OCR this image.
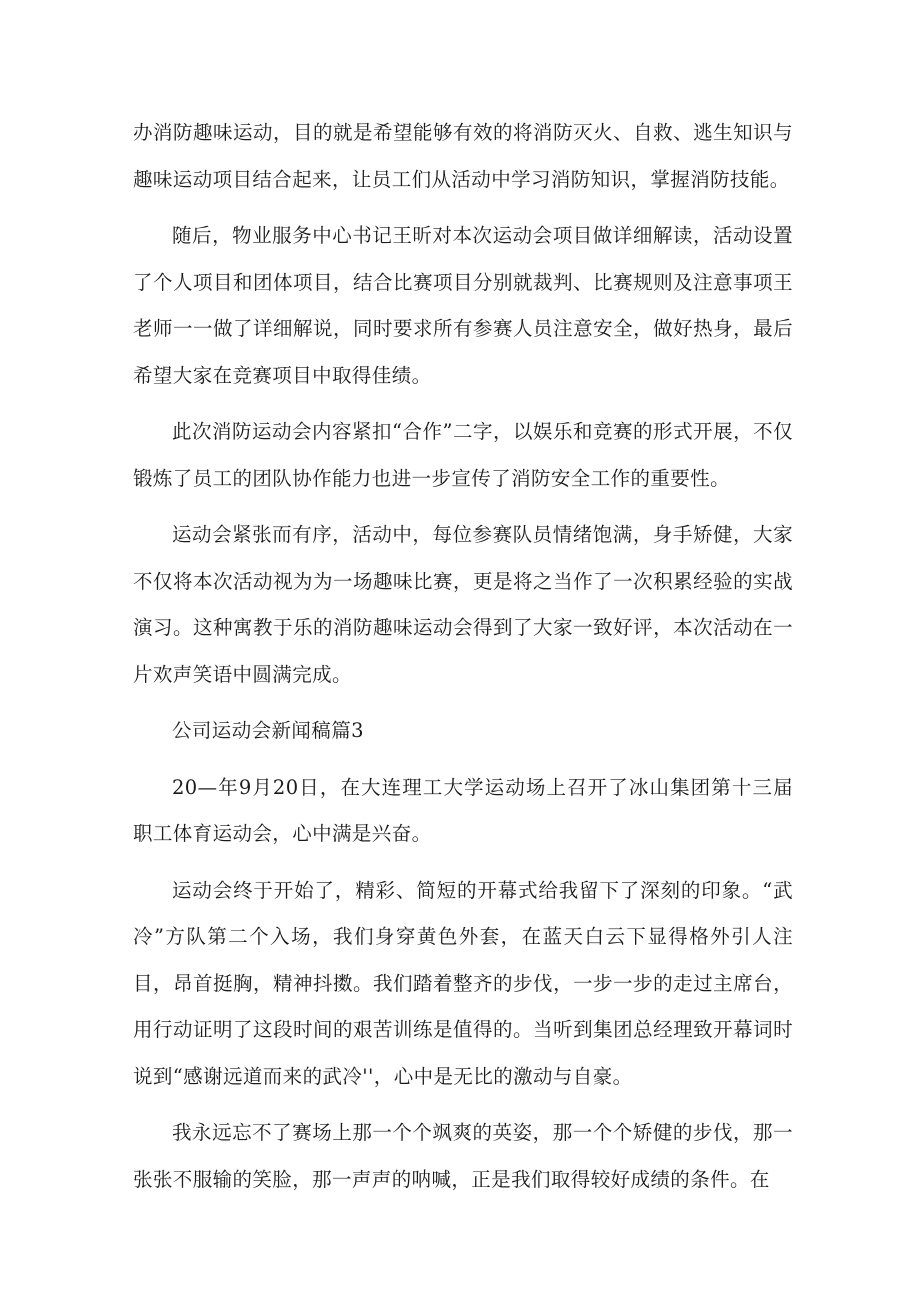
办消防趣味运动，目的就是希望能够有效的将消防灭火、自救、逃生知识与趣味运动项目结合起来，让员工们从活动中学习消防知识，掌握消防技能。

随后，物业服务中心书记王昕对本次运动会项目做详细解读，活动设置了个人项目和团体项目，结合比赛项目分别就裁判、比赛规则及注意事项王老师一一做了详细解说，同时要求所有参赛人员注意安全，做好热身，最后希望大家在竞赛项目中取得佳绩。

此次消防运动会内容紧扣“合作”二字，以娱乐和竞赛的形式开展，不仅锻炼了员工的团队协作能力也进一步宣传了消防安全工作的重要性。

运动会紧张而有序，活动中，每位参赛队员情绪饱满，身手矫健，大家不仅将本次活动视为为一场趣味比赛，更是将之当作了一次积累经验的实战演习。这种寓教于乐的消防趣味运动会得到了大家一致好评，本次活动在一片欢声笑语中圆满完成。

公司运动会新闻稿篇3

20—年9月20日，在大连理工大学运动场上召开了冰山集团第十三届职工体育运动会，心中满是兴奋。

运动会终于开始了，精彩、简短的开幕式给我留下了深刻的印象。“武冷”方队第二个入场，我们身穿黄色外套，在蓝天白云下显得格外引人注目，昂首挺胸，精神抖擞。我们踏着整齐的步伐，一步一步的走过主席台，用行动证明了这段时间的艰苦训练是值得的。当听到集团总经理致开幕词时说到“感谢远道而来的武冷''，心中是无比的激动与自豪。

我永远忘不了赛场上那一个个飒爽的英姿，那一个个矫健的步伐，那一张张不服输的笑脸，那一声声的呐喊，正是我们取得较好成绩的条件。在
